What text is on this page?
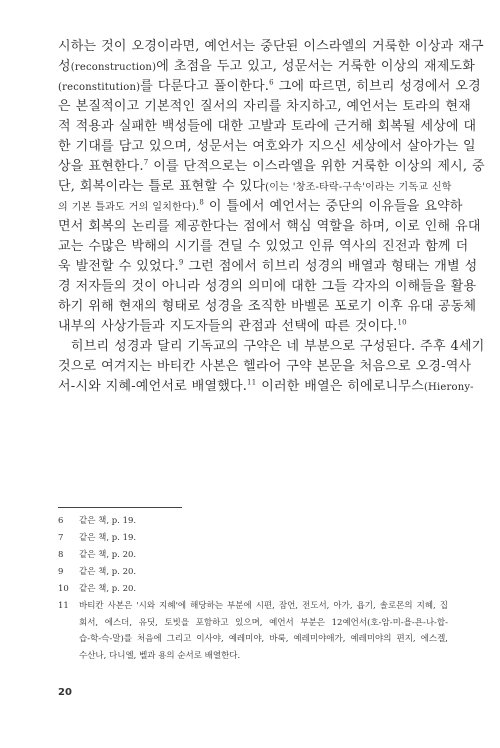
시하는 것이 오경이라면, 예언서는 중단된 이스라엘의 거룩한 이상과 재구
성(reconstruction)에 초점을 두고 있고, 성문서는 거룩한 이상의 재제도화
(reconstitution)를 다룬다고 풀이한다.$^6$ 그에 따르면, 히브리 성경에서 오경
은 본질적이고 기본적인 질서의 자리를 차지하고, 예언서는 토라의 현재
적 적용과 실패한 백성들에 대한 고발과 토라에 근거해 회복될 세상에 대
한 기대를 담고 있으며, 성문서는 여호와가 지으신 세상에서 살아가는 일
상을 표현한다.$^7$ 이를 단적으로는 이스라엘을 위한 거룩한 이상의 제시, 중
단, 회복이라는 틀로 표현할 수 있다(이는 '창조-타락-구속'이라는 기독교 신학
의 기본 틀과도 거의 일치한다).$^8$ 이 틀에서 예언서는 중단의 이유들을 요약하
면서 회복의 논리를 제공한다는 점에서 핵심 역할을 하며, 이로 인해 유대
교는 수많은 박해의 시기를 견딜 수 있었고 인류 역사의 진전과 함께 더
욱 발전할 수 있었다.$^9$ 그런 점에서 히브리 성경의 배열과 형태는 개별 성
경 저자들의 것이 아니라 성경의 의미에 대한 그들 각자의 이해들을 활용
하기 위해 현재의 형태로 성경을 조직한 바벨론 포로기 이후 유대 공동체
내부의 사상가들과 지도자들의 관점과 선택에 따른 것이다.$^{10}$
히브리 성경과 달리 기독교의 구약은 네 부분으로 구성된다. 주후 4세기
것으로 여겨지는 바티칸 사본은 헬라어 구약 본문을 처음으로 오경-역사
서-시와 지혜-예언서로 배열했다.$^{11}$ 이러한 배열은 히에로니무스(Hierony-
6	같은 책, p. 19.
7	같은 책, p. 19.
8	같은 책, p. 20.
9	같은 책, p. 20.
10	같은 책, p. 20.
11	바티칸 사본은 '시와 지혜'에 해당하는 부분에 시편, 잠언, 전도서, 아가, 욥기, 솔로몬의 지혜, 집
회서, 에스더, 유딧, 토빗을 포함하고 있으며, 예언서 부분은 12예언서(호-암-미-욜-욘-나-합-
습-학-슥-말)를 처음에 그리고 이사야, 예레미야, 바룩, 예레미야애가, 예레미야의 편지, 에스겔,
수산나, 다니엘, 벨과 용의 순서로 배열한다.
20
